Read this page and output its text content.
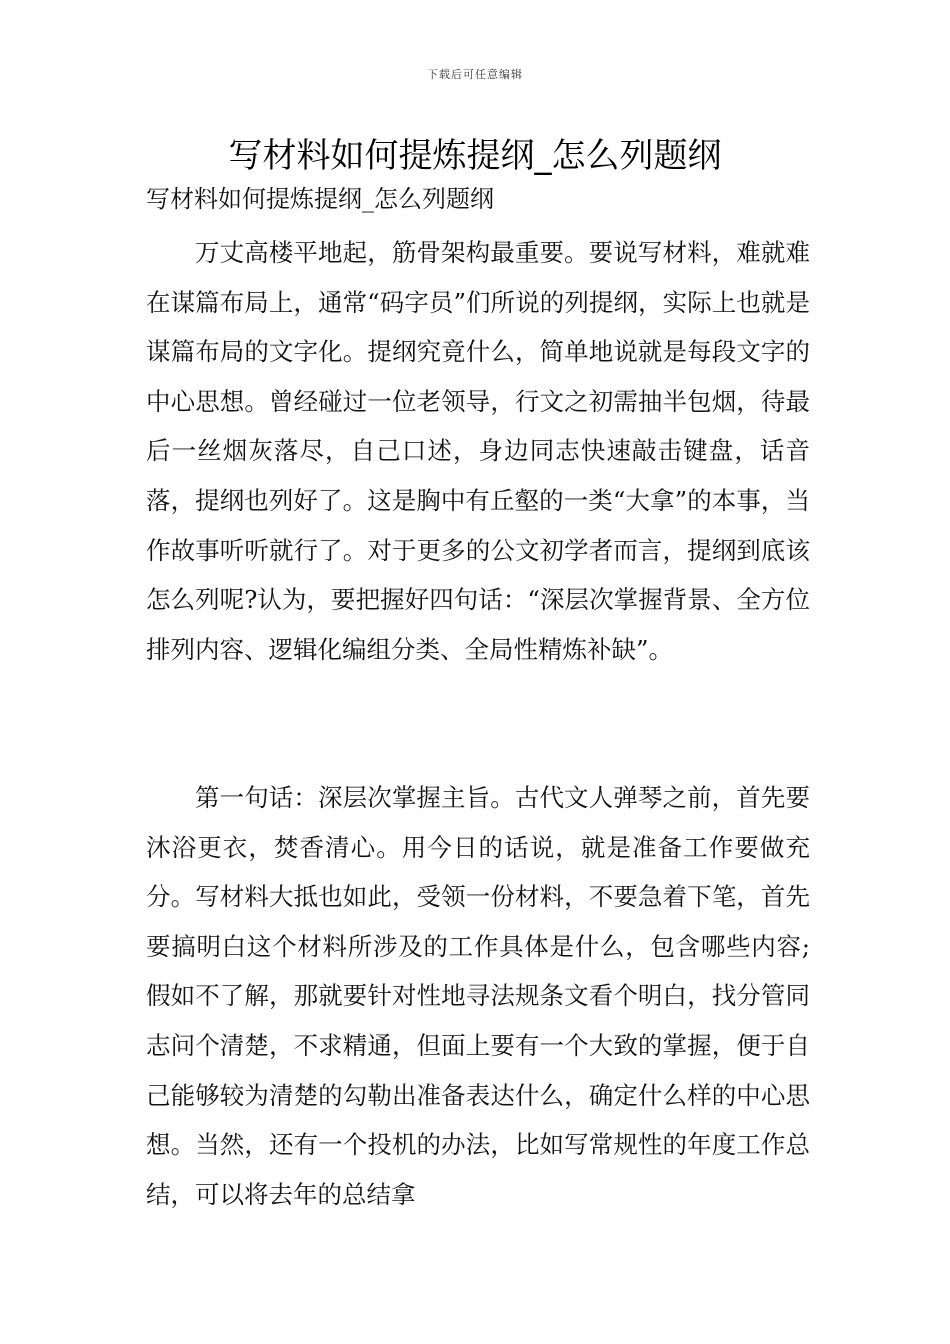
下载后可任意编辑
写材料如何提炼提纲_怎么列题纲

写材料如何提炼提纲_怎么列题纲

万丈高楼平地起，筋骨架构最重要。要说写材料，难就难在谋篇布局上，通常“码字员”们所说的列提纲，实际上也就是谋篇布局的文字化。提纲究竟什么，简单地说就是每段文字的中心思想。曾经碰过一位老领导，行文之初需抽半包烟，待最后一丝烟灰落尽，自己口述，身边同志快速敲击键盘，话音落，提纲也列好了。这是胸中有丘壑的一类“大拿”的本事，当作故事听听就行了。对于更多的公文初学者而言，提纲到底该怎么列呢?认为，要把握好四句话：“深层次掌握背景、全方位排列内容、逻辑化编组分类、全局性精炼补缺”。

第一句话：深层次掌握主旨。古代文人弹琴之前，首先要沐浴更衣，焚香清心。用今日的话说，就是准备工作要做充分。写材料大抵也如此，受领一份材料，不要急着下笔，首先要搞明白这个材料所涉及的工作具体是什么，包含哪些内容;假如不了解，那就要针对性地寻法规条文看个明白，找分管同志问个清楚，不求精通，但面上要有一个大致的掌握，便于自己能够较为清楚的勾勒出准备表达什么，确定什么样的中心思想。当然，还有一个投机的办法，比如写常规性的年度工作总结，可以将去年的总结拿
